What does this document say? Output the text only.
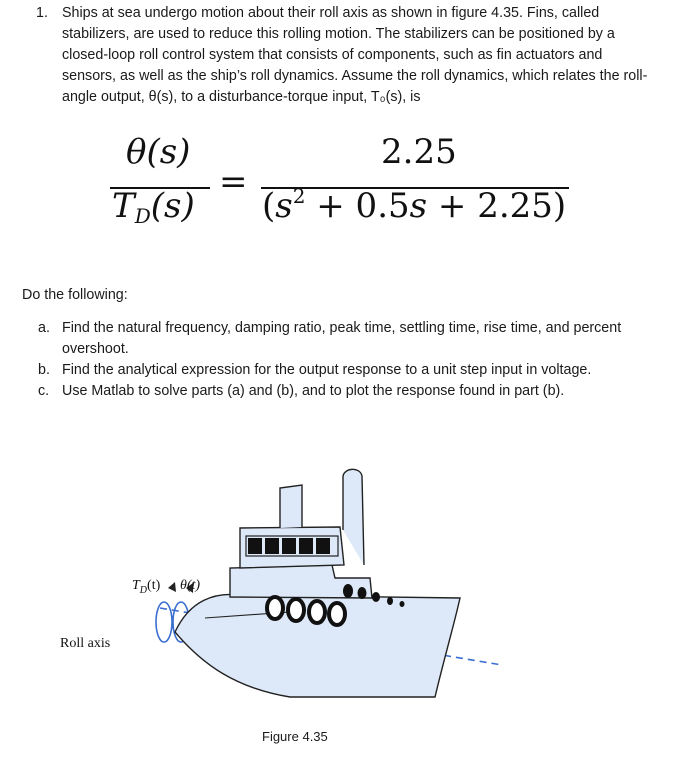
1. Ships at sea undergo motion about their roll axis as shown in figure 4.35. Fins, called stabilizers, are used to reduce this rolling motion. The stabilizers can be positioned by a closed-loop roll control system that consists of components, such as fin actuators and sensors, as well as the ship’s roll dynamics. Assume the roll dynamics, which relates the roll-angle output, θ(s), to a disturbance-torque input, T₀(s), is
θ(s)
$T_D(s)$
=
2.25
$(s^2 + 0.5s + 2.25)$
Do the following:
a. Find the natural frequency, damping ratio, peak time, settling time, rise time, and percent overshoot.
b. Find the analytical expression for the output response to a unit step input in voltage.
c. Use Matlab to solve parts (a) and (b), and to plot the response found in part (b).
$T_D(t)$ θ(t)
Roll axis
Figure 4.35
